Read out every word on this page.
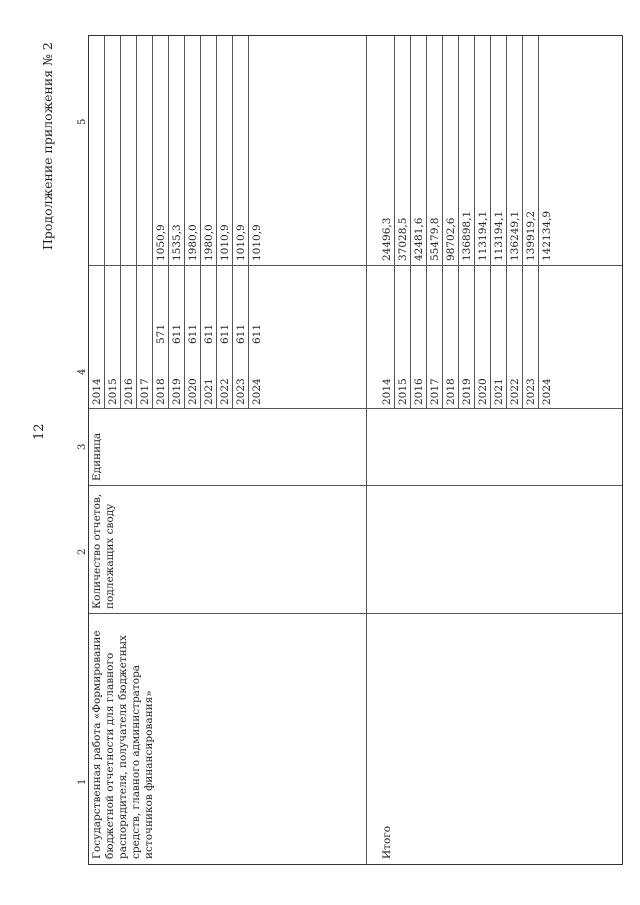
12
Продолжение приложения № 2
1
2
3
4
5
Государственная работа «Формирование бюджетной отчетности для главного распорядителя, получателя бюджетных средств, главного администратора источников финансирования»
Количество отчетов, подлежащих своду
Единица
2014 2015 2016 2017 2018 2019 2020 2021 2022 2023 2024
571 611 611 611 611 611 611
1050,9 1535,3 1980,0 1980,0 1010,9 1010,9 1010,9
Итого
2014 2015 2016 2017 2018 2019 2020 2021 2022 2023 2024
24496,3 37028,5 42481,6 55479,8 98702,6 136898,1 113194,1 113194,1 136249,1 139919,2 142134,9
